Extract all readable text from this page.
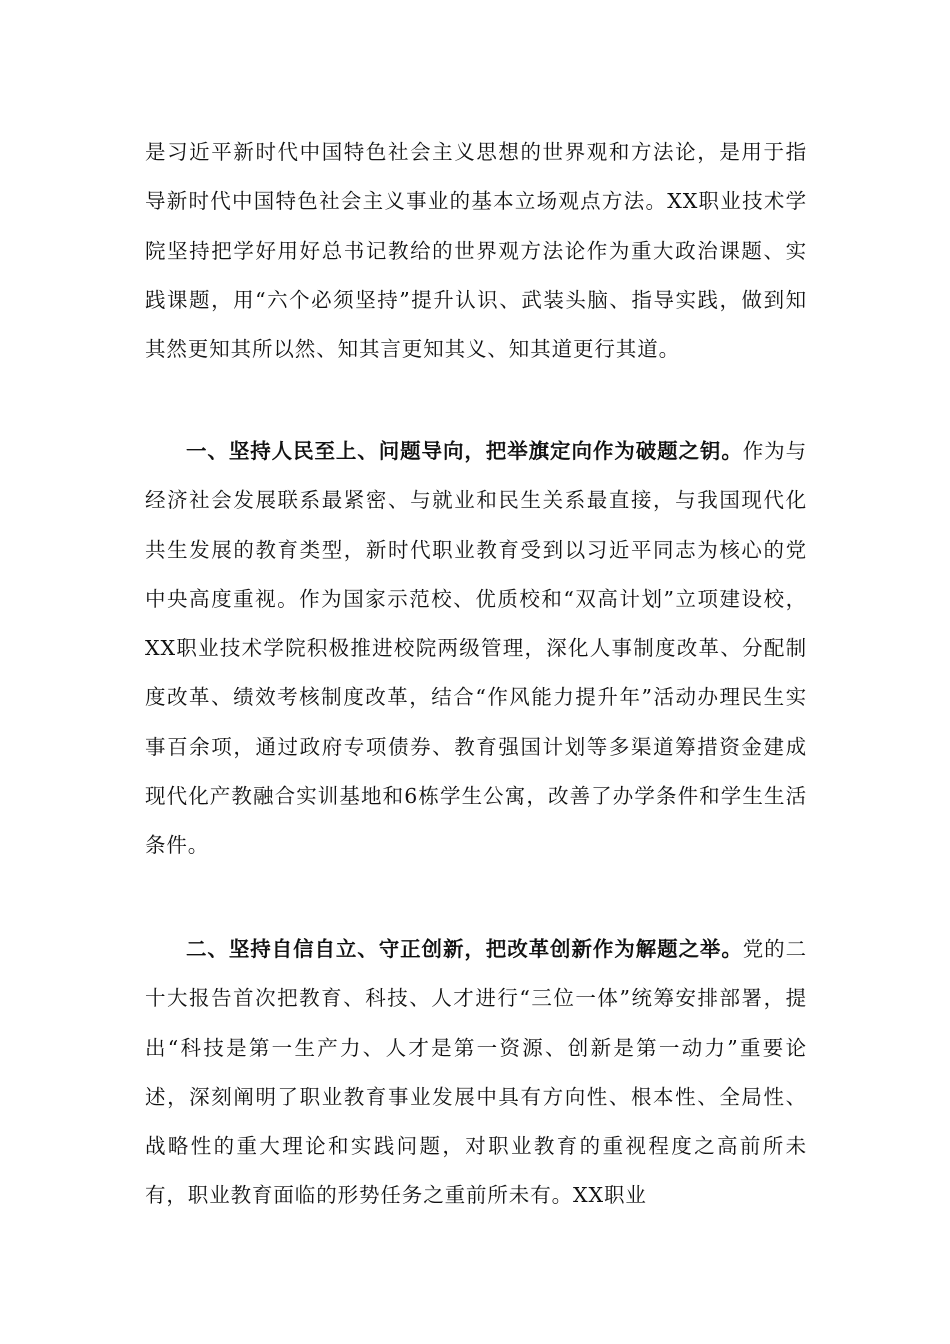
是习近平新时代中国特色社会主义思想的世界观和方法论，是用于指导新时代中国特色社会主义事业的基本立场观点方法。XX职业技术学院坚持把学好用好总书记教给的世界观方法论作为重大政治课题、实践课题，用“六个必须坚持”提升认识、武装头脑、指导实践，做到知其然更知其所以然、知其言更知其义、知其道更行其道。

一、坚持人民至上、问题导向，把举旗定向作为破题之钥。作为与经济社会发展联系最紧密、与就业和民生关系最直接，与我国现代化共生发展的教育类型，新时代职业教育受到以习近平同志为核心的党中央高度重视。作为国家示范校、优质校和“双高计划”立项建设校，XX职业技术学院积极推进校院两级管理，深化人事制度改革、分配制度改革、绩效考核制度改革，结合“作风能力提升年”活动办理民生实事百余项，通过政府专项债券、教育强国计划等多渠道筹措资金建成现代化产教融合实训基地和6栋学生公寓，改善了办学条件和学生生活条件。

二、坚持自信自立、守正创新，把改革创新作为解题之举。党的二十大报告首次把教育、科技、人才进行“三位一体”统筹安排部署，提出“科技是第一生产力、人才是第一资源、创新是第一动力”重要论述，深刻阐明了职业教育事业发展中具有方向性、根本性、全局性、战略性的重大理论和实践问题，对职业教育的重视程度之高前所未有，职业教育面临的形势任务之重前所未有。XX职业
